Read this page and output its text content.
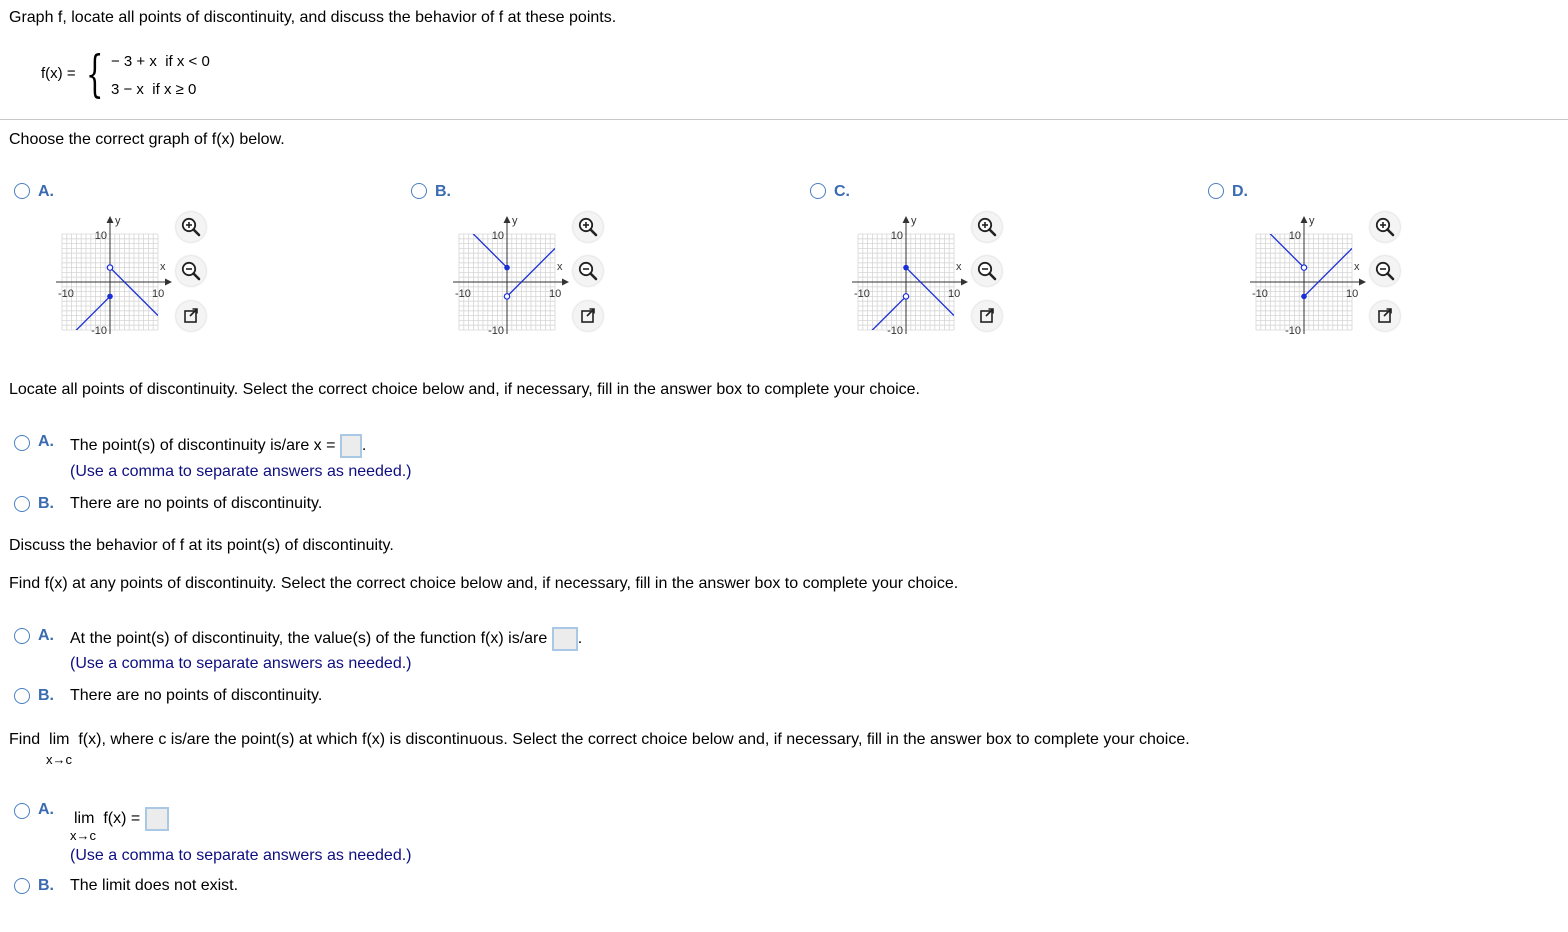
Graph f, locate all points of discontinuity, and discuss the behavior of f at these points.
f(x) = { − 3 + x if x < 0
3 − x if x ≥ 0
Choose the correct graph of f(x) below.
A.
y
x
10
-10
-10	10
B.
y
x
10
-10
-10	10
C.
y
x
10
-10
-10	10
D.
y
x
10
-10
-10	10
Locate all points of discontinuity. Select the correct choice below and, if necessary, fill in the answer box to complete your choice.
A. The point(s) of discontinuity is/are x = .
(Use a comma to separate answers as needed.)
B. There are no points of discontinuity.
Discuss the behavior of f at its point(s) of discontinuity.
Find f(x) at any points of discontinuity. Select the correct choice below and, if necessary, fill in the answer box to complete your choice.
A. At the point(s) of discontinuity, the value(s) of the function f(x) is/are .
(Use a comma to separate answers as needed.)
B. There are no points of discontinuity.
Find lim f(x), where c is/are the point(s) at which f(x) is discontinuous. Select the correct choice below and, if necessary, fill in the answer box to complete your choice.
x→c
A.
lim f(x) =
x→c
(Use a comma to separate answers as needed.)
B. The limit does not exist.
